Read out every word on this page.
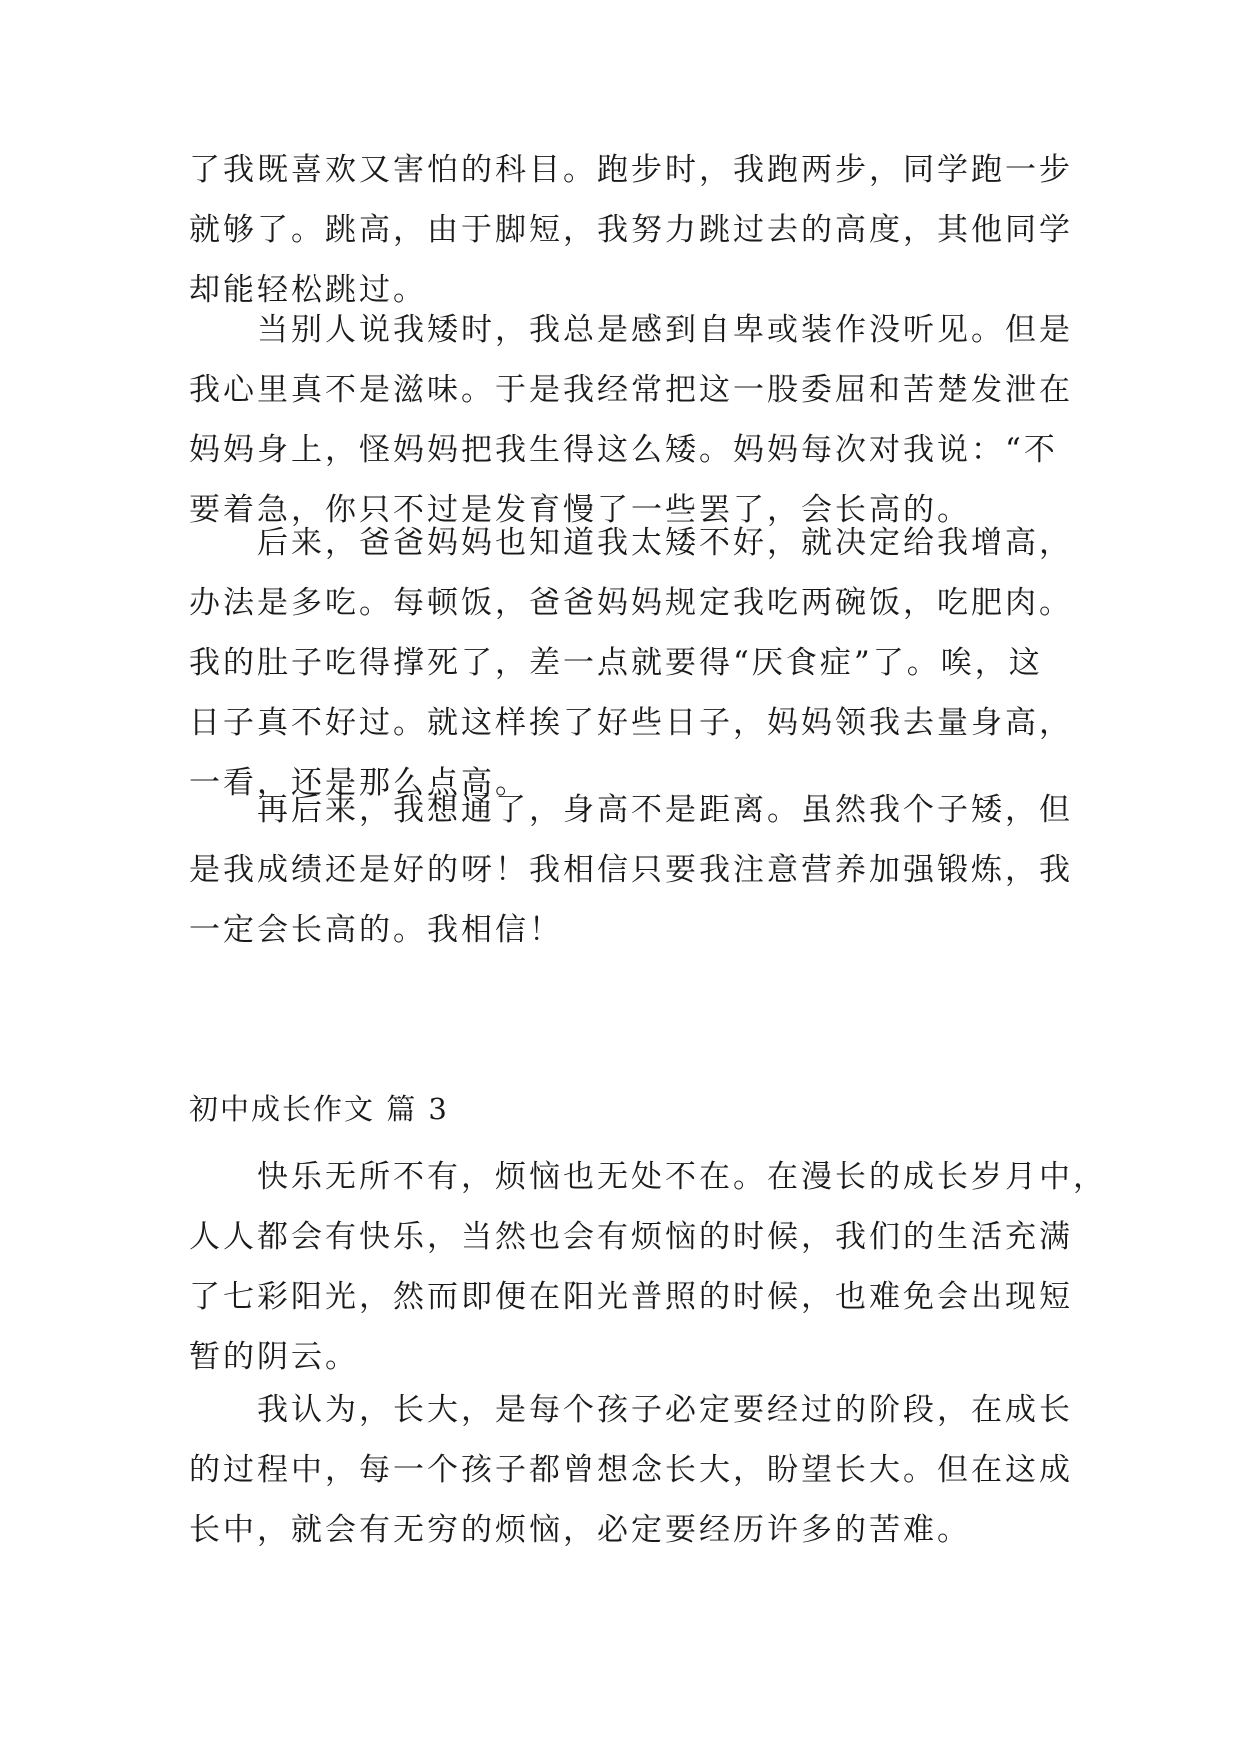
了我既喜欢又害怕的科目。跑步时，我跑两步，同学跑一步
就够了。跳高，由于脚短，我努力跳过去的高度，其他同学
却能轻松跳过。
当别人说我矮时，我总是感到自卑或装作没听见。但是
我心里真不是滋味。于是我经常把这一股委屈和苦楚发泄在
妈妈身上，怪妈妈把我生得这么矮。妈妈每次对我说：“不
要着急，你只不过是发育慢了一些罢了，会长高的。
后来，爸爸妈妈也知道我太矮不好，就决定给我增高，
办法是多吃。每顿饭，爸爸妈妈规定我吃两碗饭，吃肥肉。
我的肚子吃得撑死了，差一点就要得“厌食症”了。唉，这
日子真不好过。就这样挨了好些日子，妈妈领我去量身高，
一看，还是那么点高。
再后来，我想通了，身高不是距离。虽然我个子矮，但
是我成绩还是好的呀！我相信只要我注意营养加强锻炼，我
一定会长高的。我相信！
初中成长作文 篇 3
快乐无所不有，烦恼也无处不在。在漫长的成长岁月中，
人人都会有快乐，当然也会有烦恼的时候，我们的生活充满
了七彩阳光，然而即便在阳光普照的时候，也难免会出现短
暂的阴云。
我认为，长大，是每个孩子必定要经过的阶段，在成长
的过程中，每一个孩子都曾想念长大，盼望长大。但在这成
长中，就会有无穷的烦恼，必定要经历许多的苦难。
